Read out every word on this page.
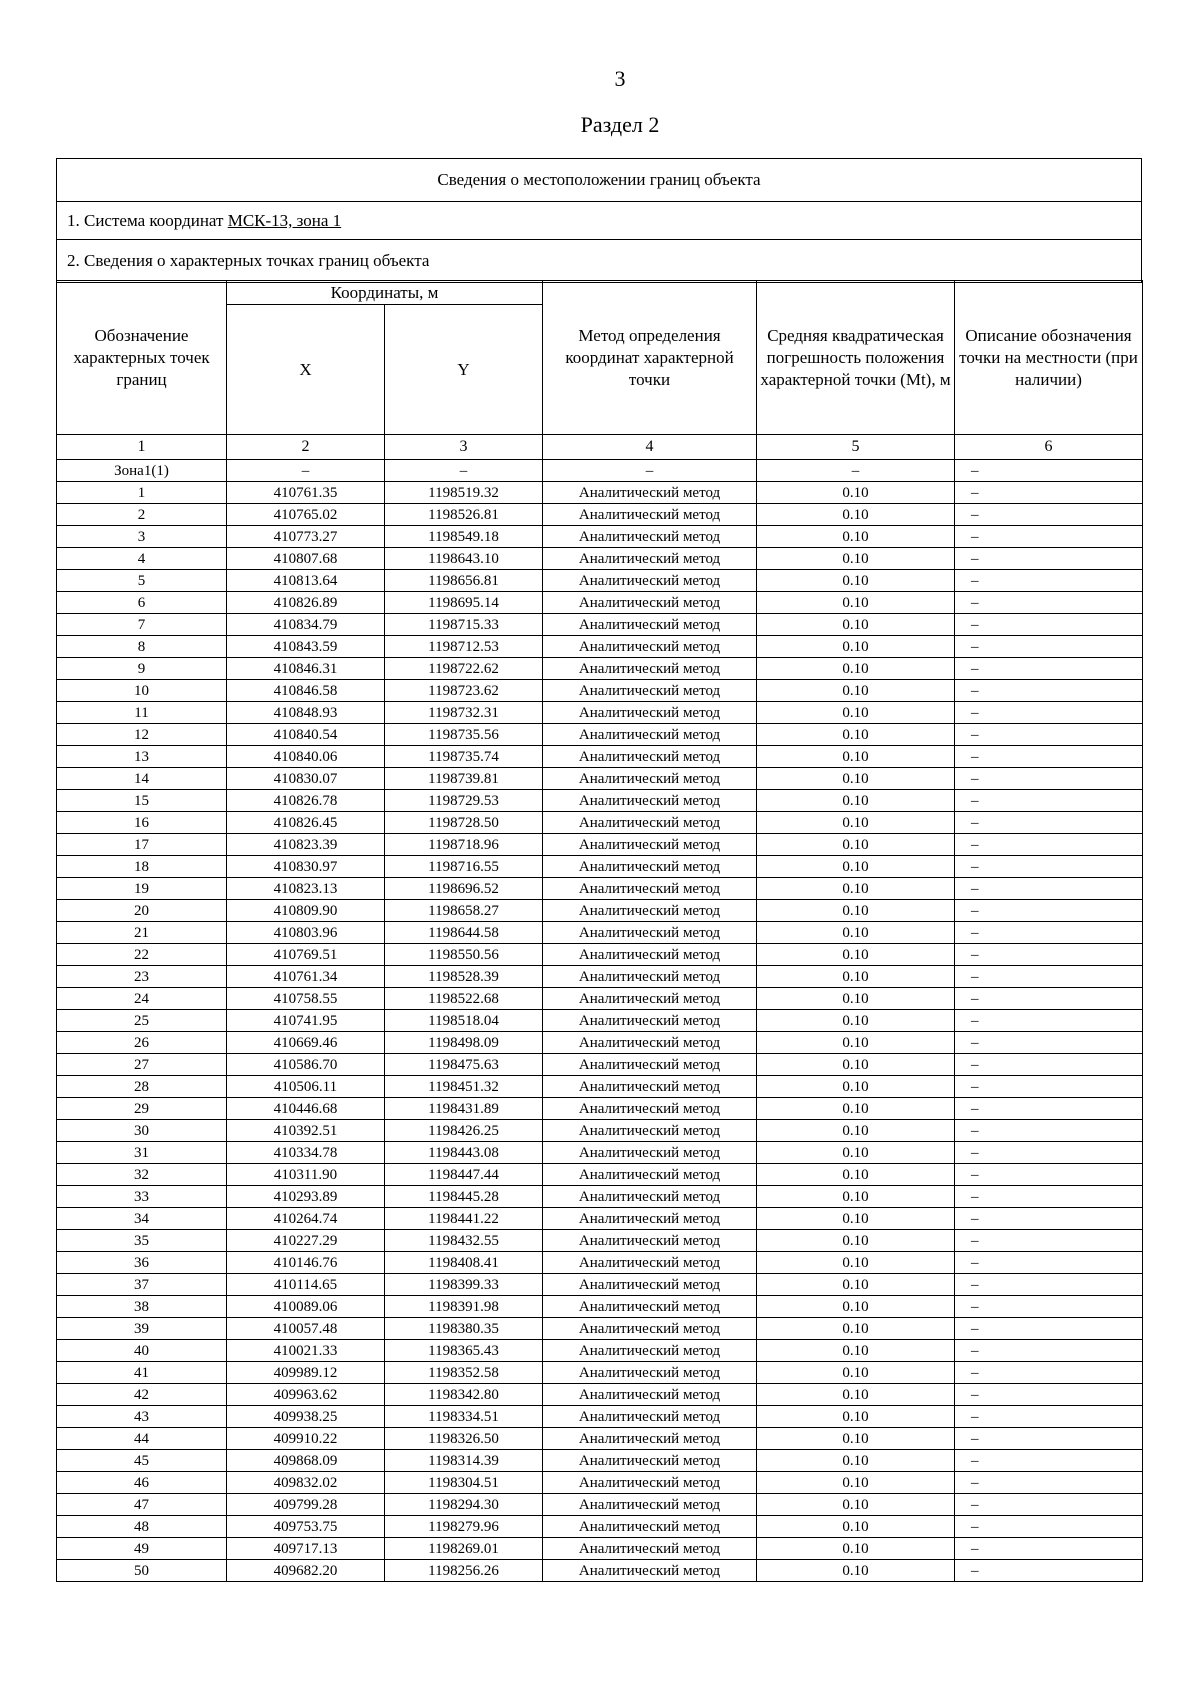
3
Раздел 2
Сведения о местоположении границ объекта
1. Система координат МСК-13, зона 1
2. Сведения о характерных точках границ объекта
Обозначение характерных точек границ	Координаты, м		Метод определения координат характерной точки	Средняя квадратическая погрешность положения характерной точки (Mt), м	Описание обозначения точки на местности (при наличии)
	X	Y			
1	2	3	4	5	6
Зона1(1)	–	–	–	–	–
1	410761.35	1198519.32	Аналитический метод	0.10	–
2	410765.02	1198526.81	Аналитический метод	0.10	–
3	410773.27	1198549.18	Аналитический метод	0.10	–
4	410807.68	1198643.10	Аналитический метод	0.10	–
5	410813.64	1198656.81	Аналитический метод	0.10	–
6	410826.89	1198695.14	Аналитический метод	0.10	–
7	410834.79	1198715.33	Аналитический метод	0.10	–
8	410843.59	1198712.53	Аналитический метод	0.10	–
9	410846.31	1198722.62	Аналитический метод	0.10	–
10	410846.58	1198723.62	Аналитический метод	0.10	–
11	410848.93	1198732.31	Аналитический метод	0.10	–
12	410840.54	1198735.56	Аналитический метод	0.10	–
13	410840.06	1198735.74	Аналитический метод	0.10	–
14	410830.07	1198739.81	Аналитический метод	0.10	–
15	410826.78	1198729.53	Аналитический метод	0.10	–
16	410826.45	1198728.50	Аналитический метод	0.10	–
17	410823.39	1198718.96	Аналитический метод	0.10	–
18	410830.97	1198716.55	Аналитический метод	0.10	–
19	410823.13	1198696.52	Аналитический метод	0.10	–
20	410809.90	1198658.27	Аналитический метод	0.10	–
21	410803.96	1198644.58	Аналитический метод	0.10	–
22	410769.51	1198550.56	Аналитический метод	0.10	–
23	410761.34	1198528.39	Аналитический метод	0.10	–
24	410758.55	1198522.68	Аналитический метод	0.10	–
25	410741.95	1198518.04	Аналитический метод	0.10	–
26	410669.46	1198498.09	Аналитический метод	0.10	–
27	410586.70	1198475.63	Аналитический метод	0.10	–
28	410506.11	1198451.32	Аналитический метод	0.10	–
29	410446.68	1198431.89	Аналитический метод	0.10	–
30	410392.51	1198426.25	Аналитический метод	0.10	–
31	410334.78	1198443.08	Аналитический метод	0.10	–
32	410311.90	1198447.44	Аналитический метод	0.10	–
33	410293.89	1198445.28	Аналитический метод	0.10	–
34	410264.74	1198441.22	Аналитический метод	0.10	–
35	410227.29	1198432.55	Аналитический метод	0.10	–
36	410146.76	1198408.41	Аналитический метод	0.10	–
37	410114.65	1198399.33	Аналитический метод	0.10	–
38	410089.06	1198391.98	Аналитический метод	0.10	–
39	410057.48	1198380.35	Аналитический метод	0.10	–
40	410021.33	1198365.43	Аналитический метод	0.10	–
41	409989.12	1198352.58	Аналитический метод	0.10	–
42	409963.62	1198342.80	Аналитический метод	0.10	–
43	409938.25	1198334.51	Аналитический метод	0.10	–
44	409910.22	1198326.50	Аналитический метод	0.10	–
45	409868.09	1198314.39	Аналитический метод	0.10	–
46	409832.02	1198304.51	Аналитический метод	0.10	–
47	409799.28	1198294.30	Аналитический метод	0.10	–
48	409753.75	1198279.96	Аналитический метод	0.10	–
49	409717.13	1198269.01	Аналитический метод	0.10	–
50	409682.20	1198256.26	Аналитический метод	0.10	–
